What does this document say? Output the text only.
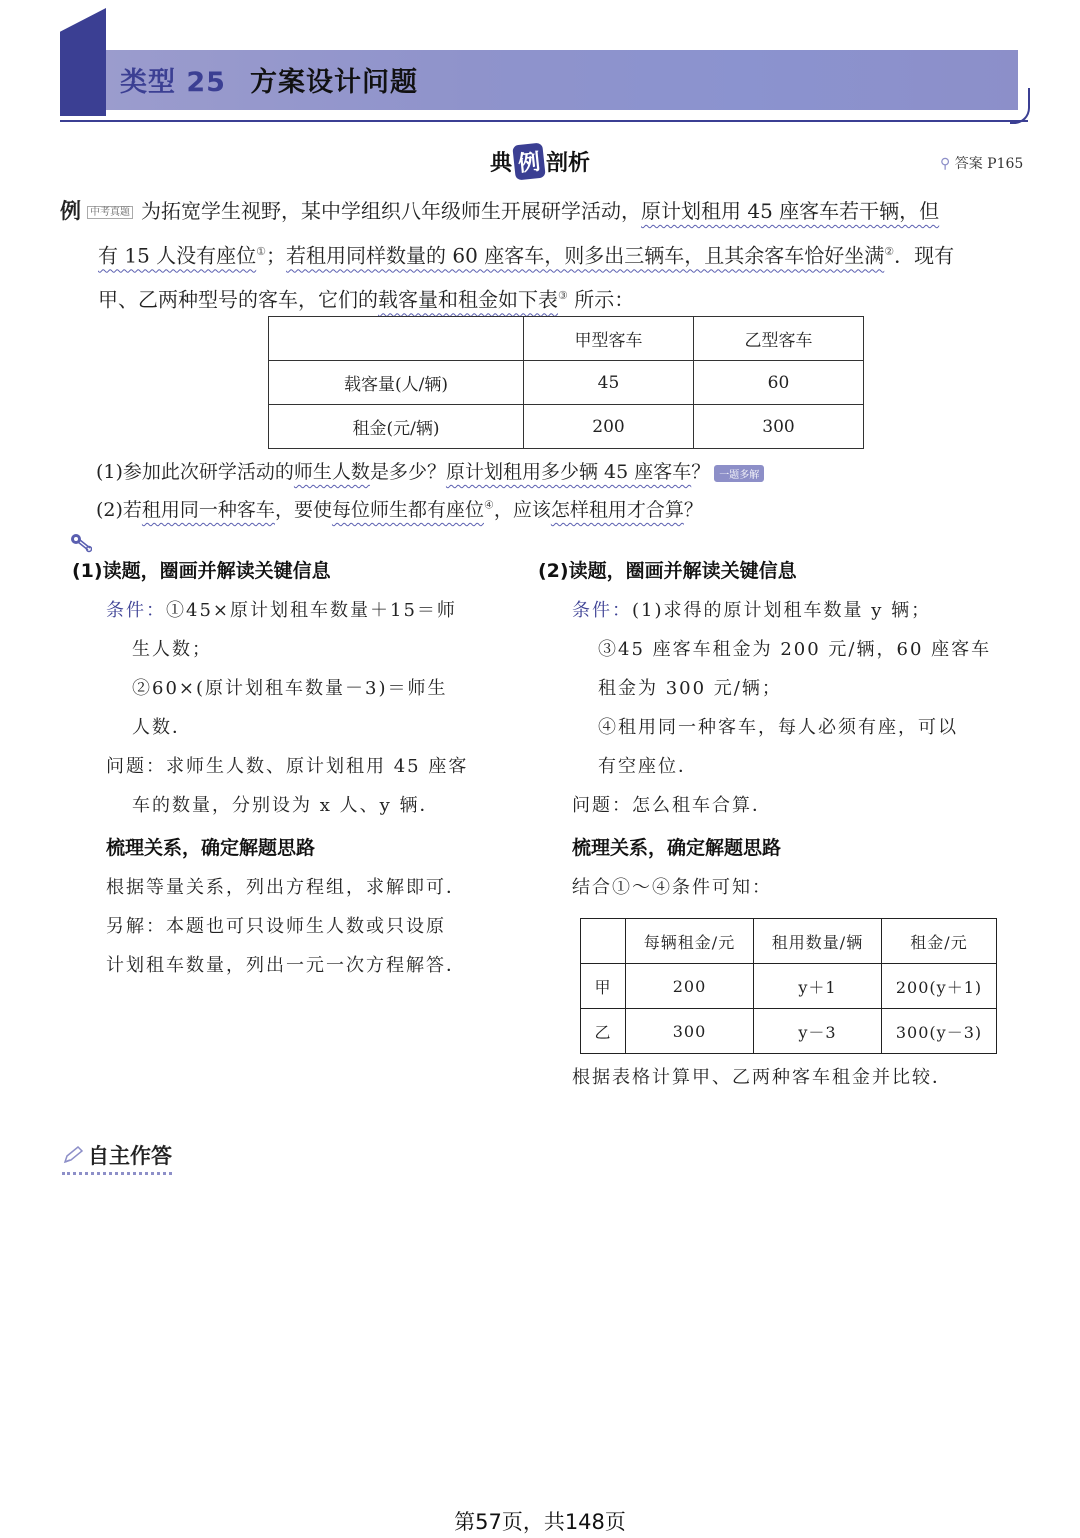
类型 25 方案设计问题
典 例 剖析	⚲ 答案 P165
例中考真题 为拓宽学生视野，某中学组织八年级师生开展研学活动，原计划租用 45 座客车若干辆，但
有 15 人没有座位①；若租用同样数量的 60 座客车，则多出三辆车，且其余客车恰好坐满②．现有
甲、乙两种型号的客车，它们的载客量和租金如下表③ 所示：
	甲型客车	乙型客车
载客量(人/辆)	45	60
租金(元/辆)	200	300
(1)参加此次研学活动的师生人数是多少？原计划租用多少辆 45 座客车？ 一题多解
(2)若租用同一种客车，要使每位师生都有座位④，应该怎样租用才合算？
(1)读题，圈画并解读关键信息
条件：①45×原计划租车数量＋15＝师
生人数；
②60×(原计划租车数量－3)＝师生
人数．
问题：求师生人数、原计划租用 45 座客
车的数量，分别设为 x 人、y 辆．
梳理关系，确定解题思路
根据等量关系，列出方程组，求解即可．
另解：本题也可只设师生人数或只设原
计划租车数量，列出一元一次方程解答．
(2)读题，圈画并解读关键信息
条件：(1)求得的原计划租车数量 y 辆；
③45 座客车租金为 200 元/辆，60 座客车
租金为 300 元/辆；
④租用同一种客车，每人必须有座，可以
有空座位．
问题：怎么租车合算．
梳理关系，确定解题思路
结合①～④条件可知：
	每辆租金/元	租用数量/辆	租金/元
甲	200	y＋1	200(y＋1)
乙	300	y－3	300(y－3)
根据表格计算甲、乙两种客车租金并比较．
自主作答
第57页，共148页
